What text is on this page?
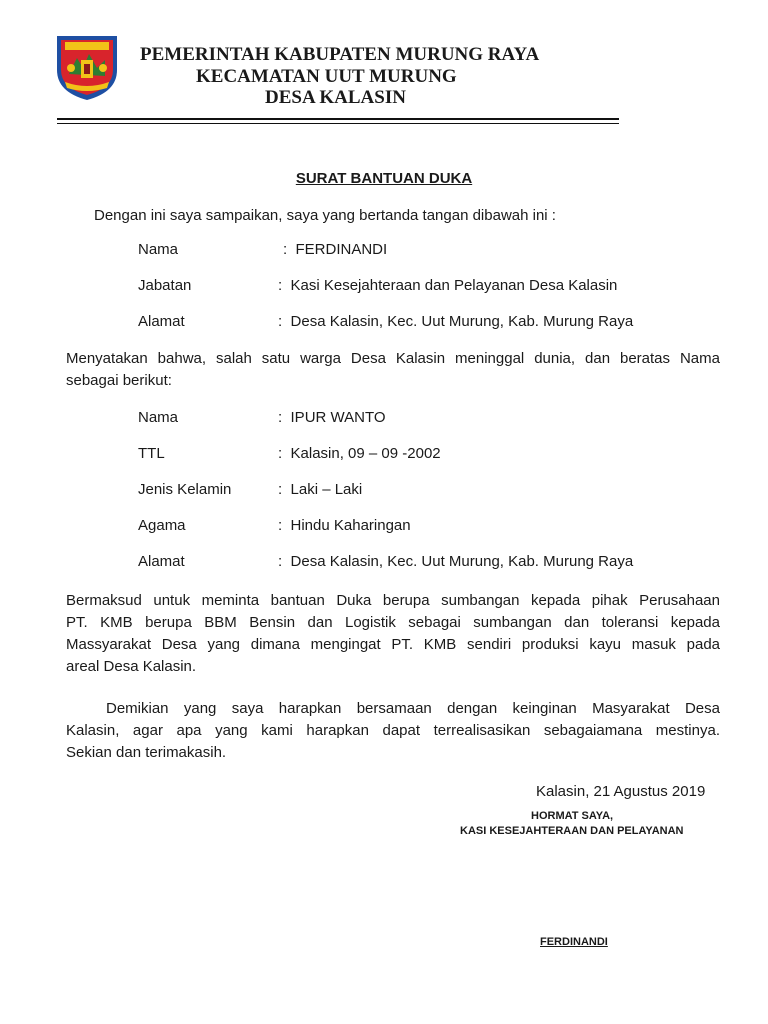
PEMERINTAH KABUPATEN MURUNG RAYA
KECAMATAN UUT MURUNG
DESA KALASIN
SURAT BANTUAN DUKA
Dengan ini saya sampaikan, saya yang bertanda tangan dibawah ini :
Nama	:  FERDINANDI
Jabatan	:  Kasi Kesejahteraan dan Pelayanan Desa Kalasin
Alamat	:  Desa Kalasin, Kec. Uut Murung, Kab. Murung Raya
Menyatakan bahwa, salah satu warga Desa Kalasin meninggal dunia, dan beratas Nama
sebagai berikut:
Nama	:  IPUR WANTO
TTL	:  Kalasin, 09 – 09 -2002
Jenis Kelamin	:  Laki – Laki
Agama	:  Hindu Kaharingan
Alamat	:  Desa Kalasin, Kec. Uut Murung, Kab. Murung Raya
Bermaksud untuk meminta bantuan Duka berupa sumbangan kepada pihak Perusahaan
PT. KMB berupa BBM Bensin dan Logistik sebagai sumbangan dan toleransi kepada
Massyarakat Desa yang dimana mengingat PT. KMB sendiri produksi kayu masuk pada
areal Desa Kalasin.
Demikian yang saya harapkan bersamaan dengan keinginan Masyarakat Desa
Kalasin, agar apa yang kami harapkan dapat terrealisasikan sebagaiamana mestinya.
Sekian dan terimakasih.
Kalasin, 21 Agustus 2019
HORMAT SAYA,
KASI KESEJAHTERAAN DAN PELAYANAN
FERDINANDI
